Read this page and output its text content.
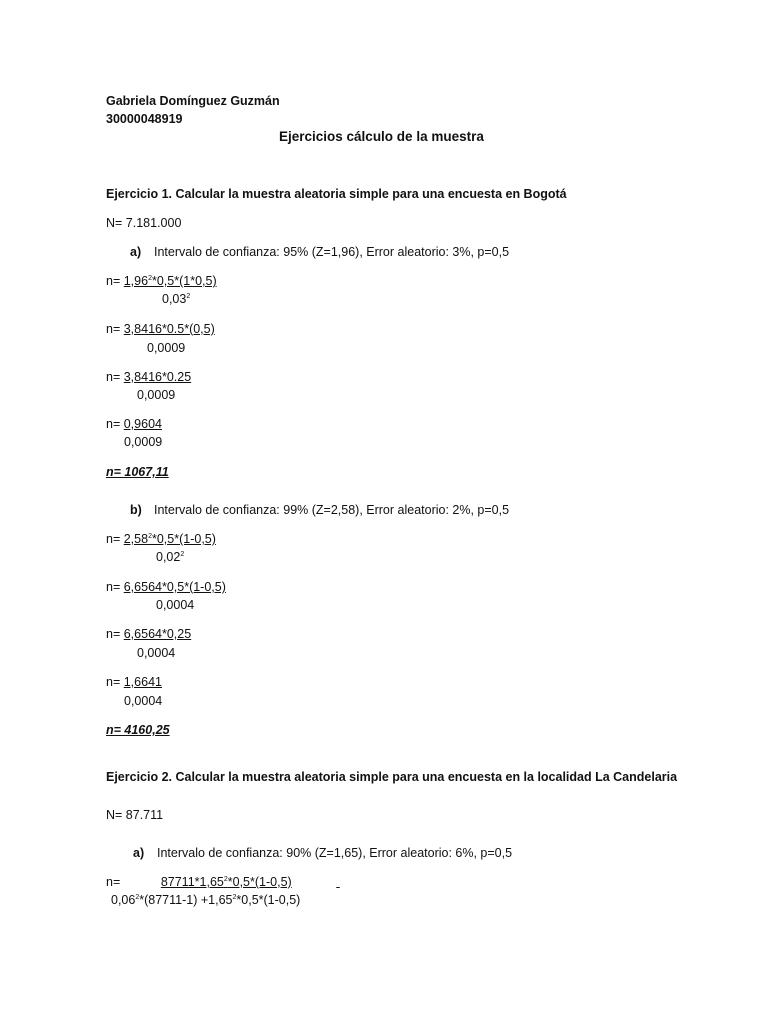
Gabriela Domínguez Guzmán
30000048919
Ejercicios cálculo de la muestra
Ejercicio 1. Calcular la muestra aleatoria simple para una encuesta en Bogotá
N= 7.181.000
a) Intervalo de confianza: 95% (Z=1,96), Error aleatorio: 3%, p=0,5
$n= 1,96^2*0,5*(1*0,5)$
0,03$^2$
n= 3,8416*0.5*(0,5)
0,0009
n= 3,8416*0.25
0,0009
n= 0,9604
0,0009
n= 1067,11
b) Intervalo de confianza: 99% (Z=2,58), Error aleatorio: 2%, p=0,5
$n= 2,58^2*0,5*(1-0,5)$
0,02$^2$
n= 6,6564*0,5*(1-0,5)
0,0004
n= 6,6564*0,25
0,0004
n= 1,6641
0,0004
n= 4160,25
Ejercicio 2. Calcular la muestra aleatoria simple para una encuesta en la localidad La Candelaria
N= 87.711
a) Intervalo de confianza: 90% (Z=1,65), Error aleatorio: 6%, p=0,5
n=	$87711*1,65^2*0,5*(1-0,5)$
$0,06^2*(87711-1) +1,65^2*0,5*(1-0,5)$
